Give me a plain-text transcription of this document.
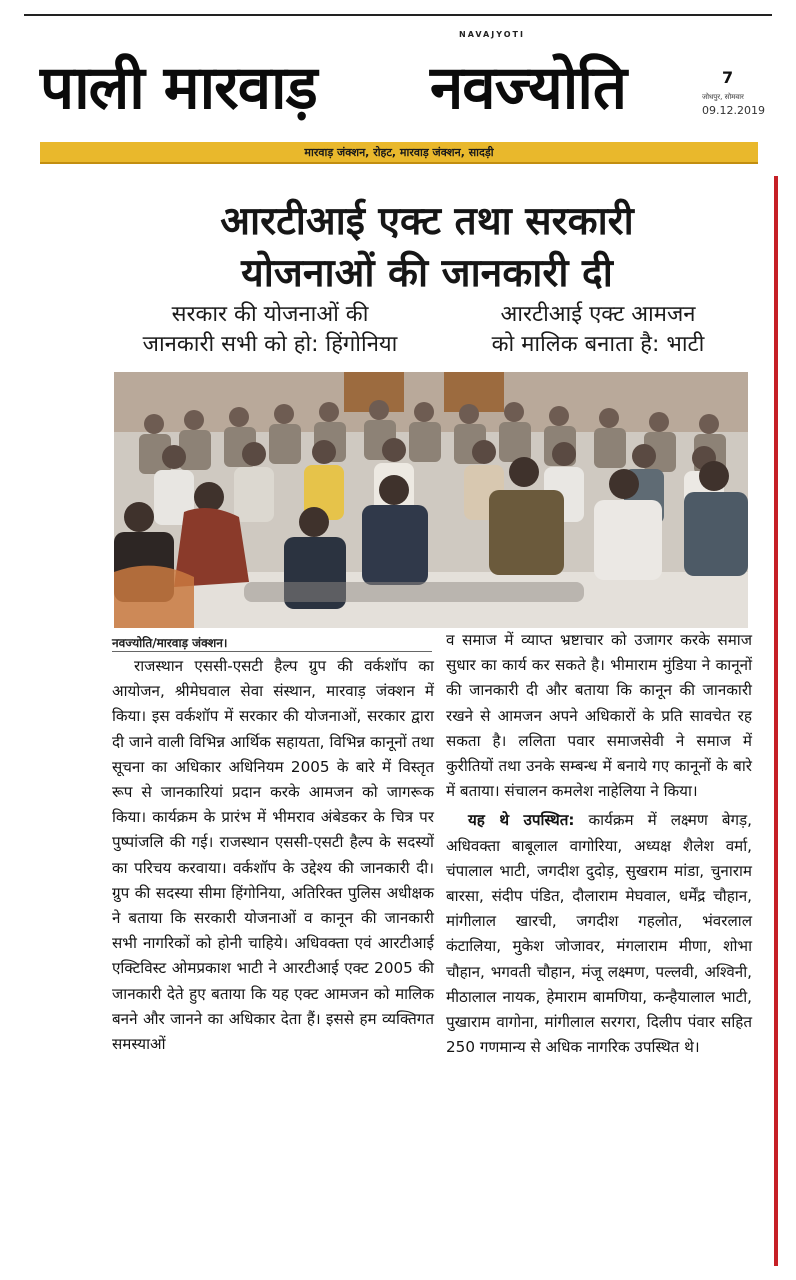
NAVAJYOTI
पाली मारवाड़ नवज्योति	7
जोधपुर, सोमवार
09.12.2019
मारवाड़ जंक्शन, रोहट, मारवाड़ जंक्शन, सादड़ी
आरटीआई एक्ट तथा सरकारी
योजनाओं की जानकारी दी
सरकार की योजनाओं की
जानकारी सभी को हो: हिंगोनिया
आरटीआई एक्ट आमजन
को मालिक बनाता है: भाटी
नवज्योति/मारवाड़ जंक्शन।

राजस्थान एससी-एसटी हैल्प ग्रुप की वर्कशॉप का आयोजन, श्रीमेघवाल सेवा संस्थान, मारवाड़ जंक्शन में किया। इस वर्कशॉप में सरकार की योजनाओं, सरकार द्वारा दी जाने वाली विभिन्न आर्थिक सहायता, विभिन्न कानूनों तथा सूचना का अधिकार अधिनियम 2005 के बारे में विस्तृत रूप से जानकारियां प्रदान करके आमजन को जागरूक किया। कार्यक्रम के प्रारंभ में भीमराव अंबेडकर के चित्र पर पुष्पांजलि की गई। राजस्थान एससी-एसटी हैल्प के सदस्यों का परिचय करवाया। वर्कशॉप के उद्देश्य की जानकारी दी। ग्रुप की सदस्या सीमा हिंगोनिया, अतिरिक्त पुलिस अधीक्षक ने बताया कि सरकारी योजनाओं व कानून की जानकारी सभी नागरिकों को होनी चाहिये। अधिवक्ता एवं आरटीआई एक्टिविस्ट ओमप्रकाश भाटी ने आरटीआई एक्ट 2005 की जानकारी देते हुए बताया कि यह एक्ट आमजन को मालिक बनने और जानने का अधिकार देता हैं। इससे हम व्यक्तिगत समस्याओं

व समाज में व्याप्त भ्रष्टाचार को उजागर करके समाज सुधार का कार्य कर सकते है। भीमाराम मुंडिया ने कानूनों की जानकारी दी और बताया कि कानून की जानकारी रखने से आमजन अपने अधिकारों के प्रति सावचेत रह सकता है। ललिता पवार समाजसेवी ने समाज में कुरीतियों तथा उनके सम्बन्ध में बनाये गए कानूनों के बारे में बताया। संचालन कमलेश नाहेलिया ने किया।

यह थे उपस्थित: कार्यक्रम में लक्ष्मण बेगड़, अधिवक्ता बाबूलाल वागोरिया, अध्यक्ष शैलेश वर्मा, चंपालाल भाटी, जगदीश दुदोड़, सुखराम मांडा, चुनाराम बारसा, संदीप पंडित, दौलाराम मेघवाल, धर्मेंद्र चौहान, मांगीलाल खारची, जगदीश गहलोत, भंवरलाल कंटालिया, मुकेश जोजावर, मंगलाराम मीणा, शोभा चौहान, भगवती चौहान, मंजू लक्ष्मण, पल्लवी, अश्विनी, मीठालाल नायक, हेमाराम बामणिया, कन्हैयालाल भाटी, पुखाराम वागोना, मांगीलाल सरगरा, दिलीप पंवार सहित 250 गणमान्य से अधिक नागरिक उपस्थित थे।
